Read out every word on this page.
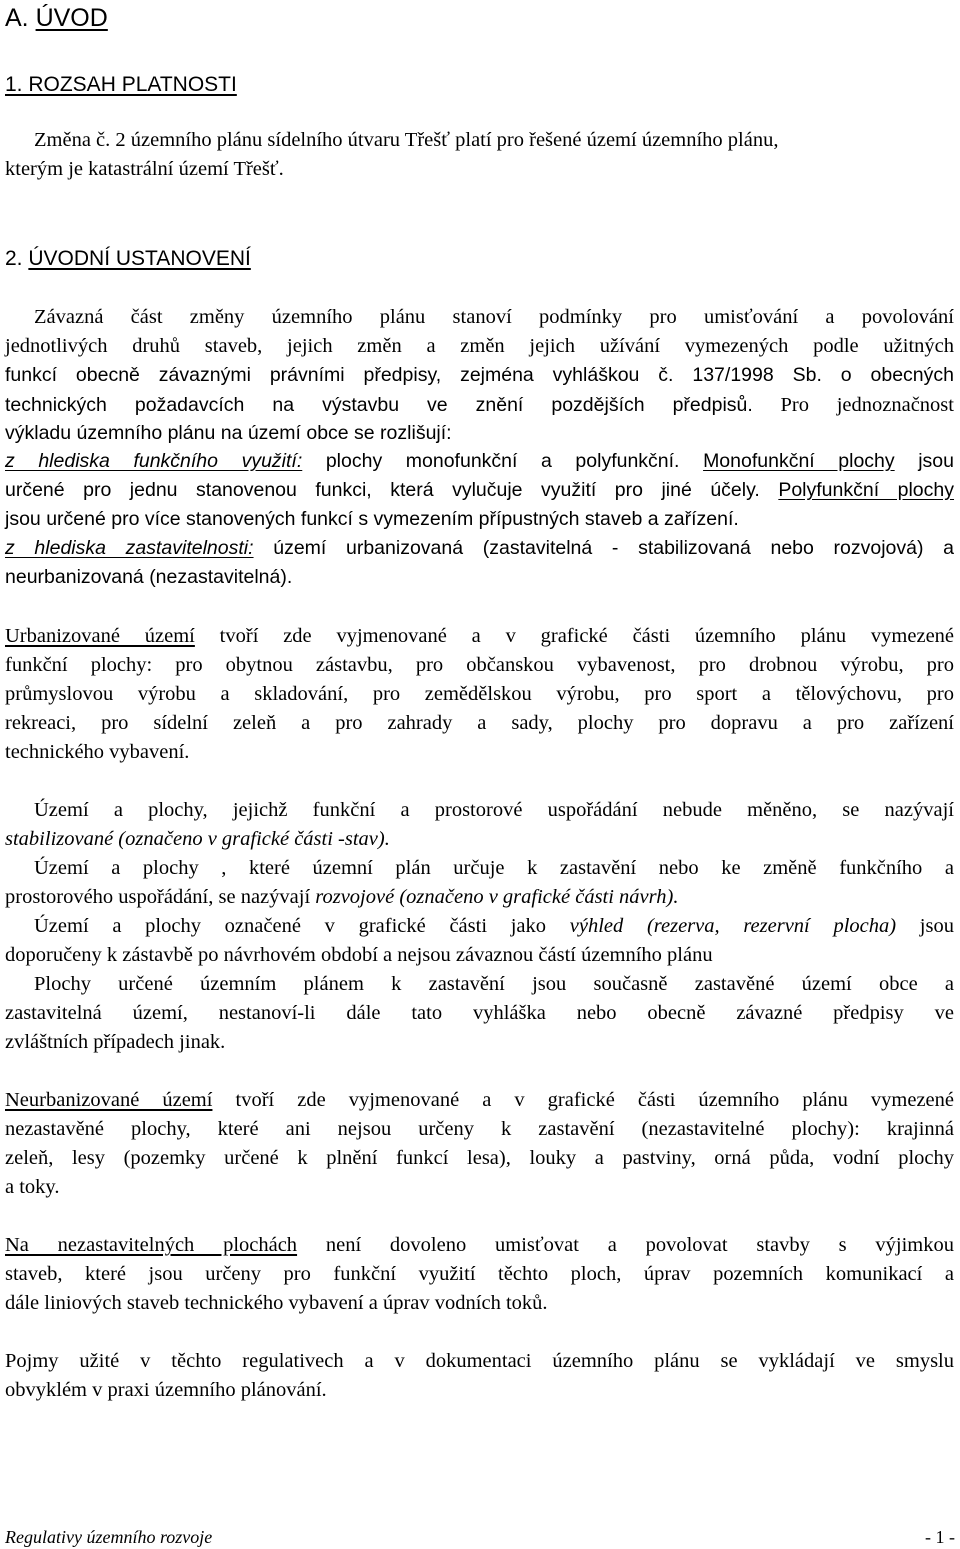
A. ÚVOD
1. ROZSAH PLATNOSTI
Změna č. 2 územního plánu sídelního útvaru Třešť platí pro řešené území územního plánu,
kterým je katastrální území Třešť.
2. ÚVODNÍ USTANOVENÍ
Závazná část změny územního plánu stanoví podmínky pro umisťování a povolování
jednotlivých druhů staveb, jejich změn a změn jejich užívání vymezených podle užitných
funkcí obecně závaznými právními předpisy, zejména vyhláškou č. 137/1998 Sb. o obecných
technických požadavcích na výstavbu ve znění pozdějších předpisů. Pro jednoznačnost
výkladu územního plánu na území obce se rozlišují:
z hlediska funkčního využití: plochy monofunkční a polyfunkční. Monofunkční plochy jsou
určené pro jednu stanovenou funkci, která vylučuje využití pro jiné účely. Polyfunkční plochy
jsou určené pro více stanovených funkcí s vymezením přípustných staveb a zařízení.
z hlediska zastavitelnosti: území urbanizovaná (zastavitelná - stabilizovaná nebo rozvojová) a
neurbanizovaná (nezastavitelná).
Urbanizované území tvoří zde vyjmenované a v grafické části územního plánu vymezené
funkční plochy: pro obytnou zástavbu, pro občanskou vybavenost, pro drobnou výrobu, pro
průmyslovou výrobu a skladování, pro zemědělskou výrobu, pro sport a tělovýchovu, pro
rekreaci, pro sídelní zeleň a pro zahrady a sady, plochy pro dopravu a pro zařízení
technického vybavení.
Území a plochy, jejichž funkční a prostorové uspořádání nebude měněno, se nazývají
stabilizované (označeno v grafické části -stav).
Území a plochy , které územní plán určuje k zastavění nebo ke změně funkčního a
prostorového uspořádání, se nazývají rozvojové (označeno v grafické části návrh).
Území a plochy označené v grafické části jako výhled (rezerva, rezervní plocha) jsou
doporučeny k zástavbě po návrhovém období a nejsou závaznou částí územního plánu
Plochy určené územním plánem k zastavění jsou současně zastavěné území obce a
zastavitelná území, nestanoví-li dále tato vyhláška nebo obecně závazné předpisy ve
zvláštních případech jinak.
Neurbanizované území tvoří zde vyjmenované a v grafické části územního plánu vymezené
nezastavěné plochy, které ani nejsou určeny k zastavění (nezastavitelné plochy): krajinná
zeleň, lesy (pozemky určené k plnění funkcí lesa), louky a pastviny, orná půda, vodní plochy
a toky.
Na nezastavitelných plochách není dovoleno umisťovat a povolovat stavby s výjimkou
staveb, které jsou určeny pro funkční využití těchto ploch, úprav pozemních komunikací a
dále liniových staveb technického vybavení a úprav vodních toků.
Pojmy užité v těchto regulativech a v dokumentaci územního plánu se vykládají ve smyslu
obvyklém v praxi územního plánování.
Regulativy územního rozvoje	- 1 -
